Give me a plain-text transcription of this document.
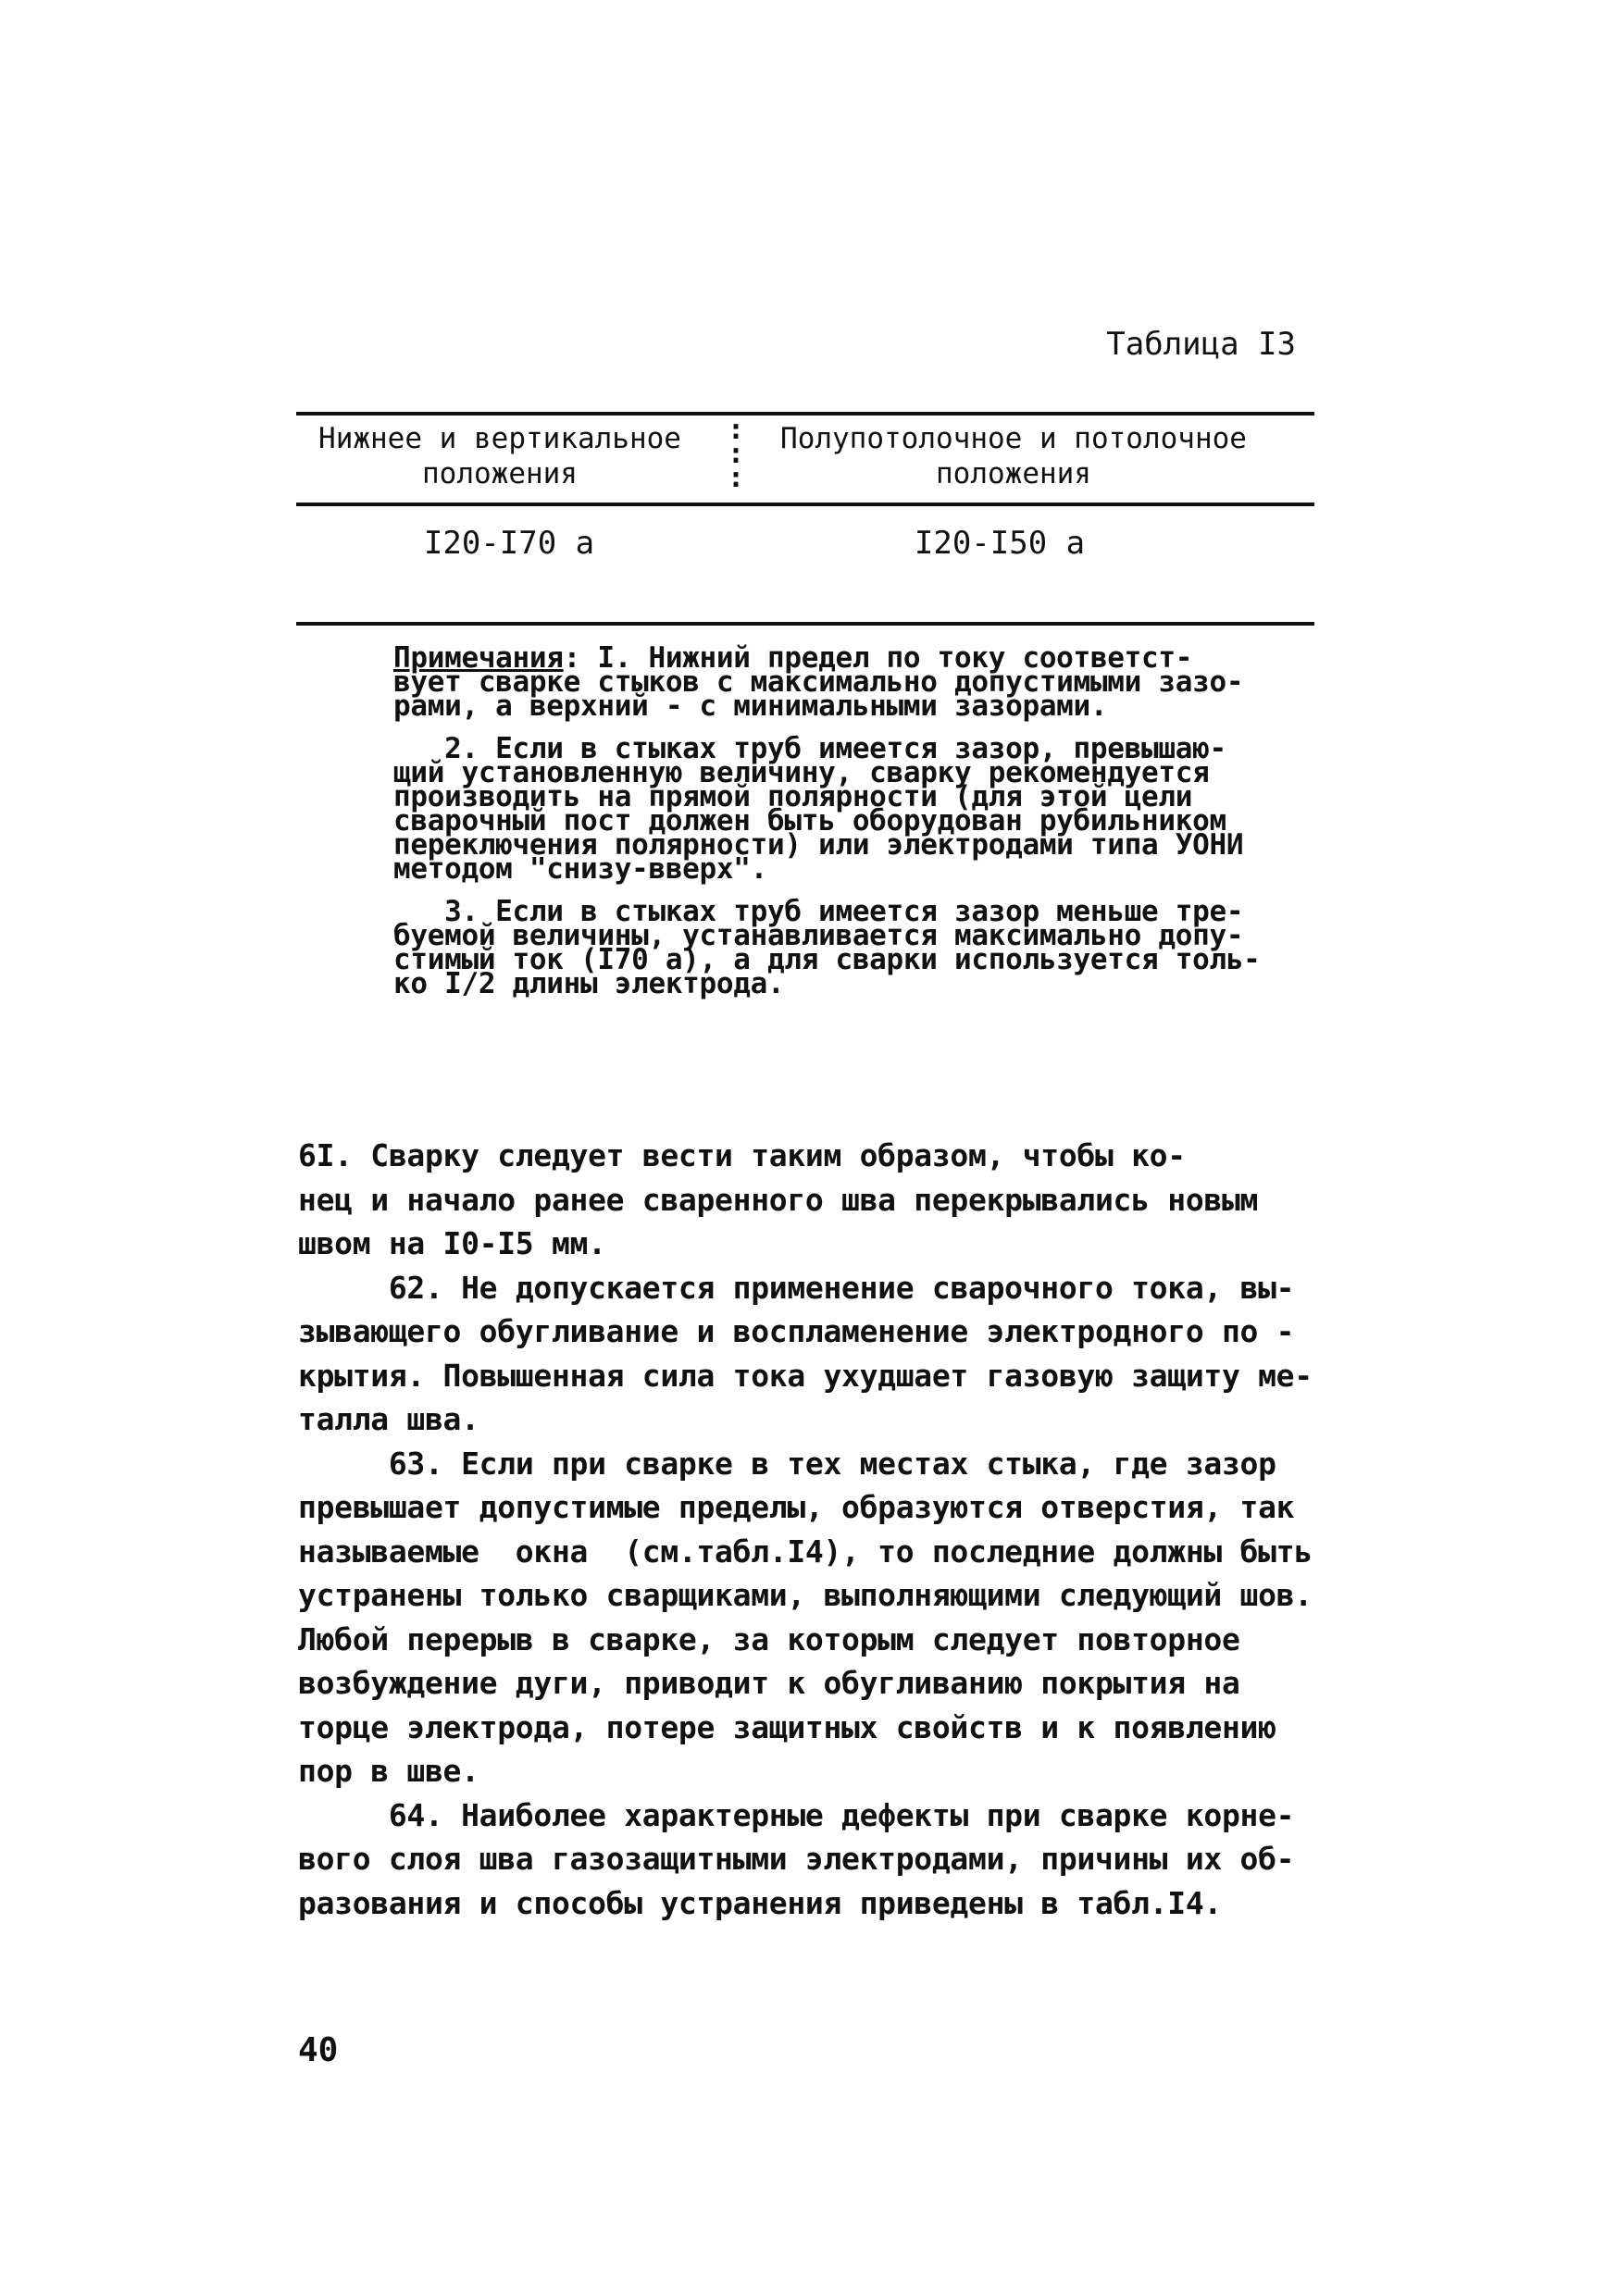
Таблица I3
Нижнее и вертикальное
положения
:
:
:
Полупотолочное и потолочное
положения
I20-I70 а	I20-I50 а

Примечания: I. Нижний предел по току соответст-
вует сварке стыков с максимально допустимыми зазо-
рами, а верхний - с минимальными зазорами.

2. Если в стыках труб имеется зазор, превышаю-
щий установленную величину, сварку рекомендуется
производить на прямой полярности (для этой цели
сварочный пост должен быть оборудован рубильником
переключения полярности) или электродами типа УОНИ
методом "снизу-вверх".

3. Если в стыках труб имеется зазор меньше тре-
буемой величины, устанавливается максимально допу-
стимый ток (I70 а), а для сварки используется толь-
ко I/2 длины электрода.

6I. Сварку следует вести таким образом, чтобы ко-
нец и начало ранее сваренного шва перекрывались новым
швом на I0-I5 мм.

62. Не допускается применение сварочного тока, вы-
зывающего обугливание и воспламенение электродного по -
крытия. Повышенная сила тока ухудшает газовую защиту ме-
талла шва.

63. Если при сварке в тех местах стыка, где зазор
превышает допустимые пределы, образуются отверстия, так
называемые  окна  (см.табл.I4), то последние должны быть
устранены только сварщиками, выполняющими следующий шов.
Любой перерыв в сварке, за которым следует повторное
возбуждение дуги, приводит к обугливанию покрытия на
торце электрода, потере защитных свойств и к появлению
пор в шве.

64. Наиболее характерные дефекты при сварке корне-
вого слоя шва газозащитными электродами, причины их об-
разования и способы устранения приведены в табл.I4.

40
